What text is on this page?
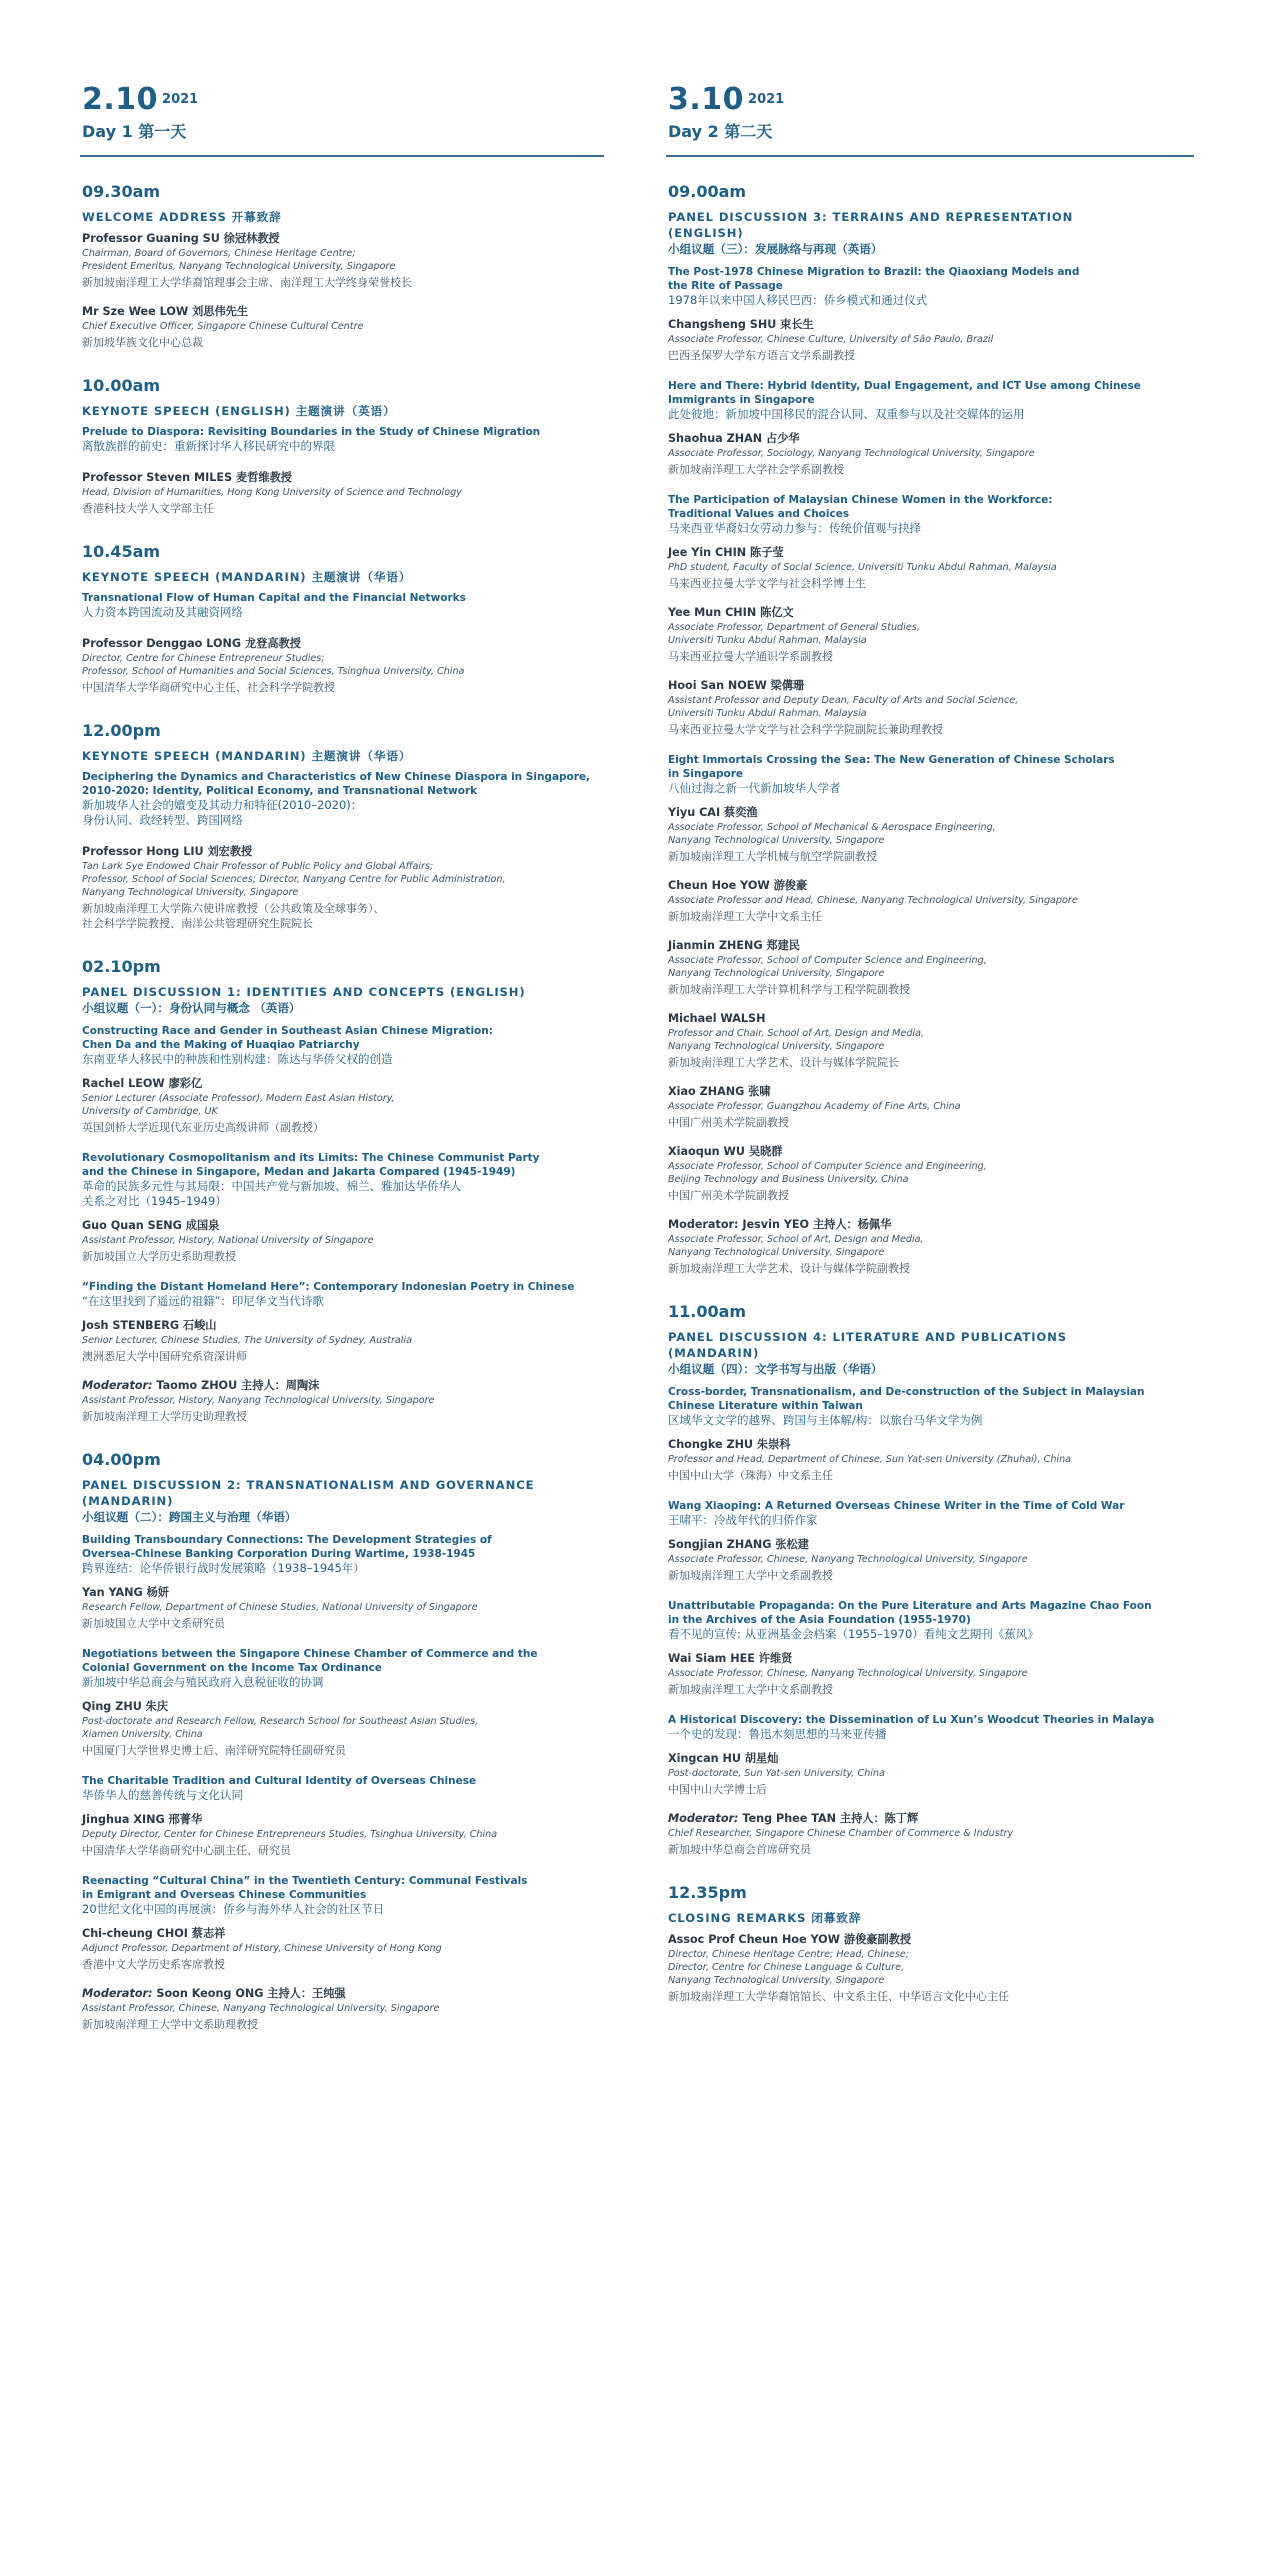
2.10 $^{2021}$
Day 1 第一天
09.30am
WELCOME ADDRESS 开幕致辞
Professor Guaning SU 徐冠林教授
Chairman, Board of Governors, Chinese Heritage Centre;
President Emeritus, Nanyang Technological University, Singapore
新加坡南洋理工大学华裔馆理事会主席、南洋理工大学终身荣誉校长
Mr Sze Wee LOW 刘思伟先生
Chief Executive Officer, Singapore Chinese Cultural Centre
新加坡华族文化中心总裁
10.00am
KEYNOTE SPEECH (ENGLISH) 主题演讲（英语）
Prelude to Diaspora: Revisiting Boundaries in the Study of Chinese Migration
离散族群的前史：重新探讨华人移民研究中的界限
Professor Steven MILES 麦哲维教授
Head, Division of Humanities, Hong Kong University of Science and Technology
香港科技大学人文学部主任
10.45am
KEYNOTE SPEECH (MANDARIN) 主题演讲（华语）
Transnational Flow of Human Capital and the Financial Networks
人力资本跨国流动及其融资网络
Professor Denggao LONG 龙登高教授
Director, Centre for Chinese Entrepreneur Studies;
Professor, School of Humanities and Social Sciences, Tsinghua University, China
中国清华大学华商研究中心主任、社会科学学院教授
12.00pm
KEYNOTE SPEECH (MANDARIN) 主题演讲（华语）
Deciphering the Dynamics and Characteristics of New Chinese Diaspora in Singapore,
2010-2020: Identity, Political Economy, and Transnational Network
新加坡华人社会的嬗变及其动力和特征(2010–2020)：
身份认同、政经转型、跨国网络
Professor Hong LIU 刘宏教授
Tan Lark Sye Endowed Chair Professor of Public Policy and Global Affairs;
Professor, School of Social Sciences; Director, Nanyang Centre for Public Administration,
Nanyang Technological University, Singapore
新加坡南洋理工大学陈六使讲席教授（公共政策及全球事务）、
社会科学学院教授、南洋公共管理研究生院院长
02.10pm
PANEL DISCUSSION 1: IDENTITIES AND CONCEPTS (ENGLISH)
小组议题（一）：身份认同与概念 （英语）
Constructing Race and Gender in Southeast Asian Chinese Migration:
Chen Da and the Making of Huaqiao Patriarchy
东南亚华人移民中的种族和性别构建：陈达与华侨父权的创造
Rachel LEOW 廖彩亿
Senior Lecturer (Associate Professor), Modern East Asian History,
University of Cambridge, UK
英国剑桥大学近现代东亚历史高级讲师（副教授）
Revolutionary Cosmopolitanism and its Limits: The Chinese Communist Party
and the Chinese in Singapore, Medan and Jakarta Compared (1945-1949)
革命的民族多元性与其局限：中国共产党与新加坡、棉兰、雅加达华侨华人
关系之对比（1945–1949）
Guo Quan SENG 成国泉
Assistant Professor, History, National University of Singapore
新加坡国立大学历史系助理教授
“Finding the Distant Homeland Here”: Contemporary Indonesian Poetry in Chinese
“在这里找到了遥远的祖籍”：印尼华文当代诗歌
Josh STENBERG 石峻山
Senior Lecturer, Chinese Studies, The University of Sydney, Australia
澳洲悉尼大学中国研究系资深讲师
Moderator: Taomo ZHOU 主持人：周陶沫
Assistant Professor, History, Nanyang Technological University, Singapore
新加坡南洋理工大学历史助理教授
04.00pm
PANEL DISCUSSION 2: TRANSNATIONALISM AND GOVERNANCE
(MANDARIN)
小组议题（二）：跨国主义与治理（华语）
Building Transboundary Connections: The Development Strategies of
Oversea-Chinese Banking Corporation During Wartime, 1938-1945
跨界连结：论华侨银行战时发展策略（1938–1945年）
Yan YANG 杨妍
Research Fellow, Department of Chinese Studies, National University of Singapore
新加坡国立大学中文系研究员
Negotiations between the Singapore Chinese Chamber of Commerce and the
Colonial Government on the Income Tax Ordinance
新加坡中华总商会与殖民政府入息税征收的协调
Qing ZHU 朱庆
Post-doctorate and Research Fellow, Research School for Southeast Asian Studies,
Xiamen University, China
中国厦门大学世界史博士后、南洋研究院特任副研究员
The Charitable Tradition and Cultural Identity of Overseas Chinese
华侨华人的慈善传统与文化认同
Jinghua XING 邢菁华
Deputy Director, Center for Chinese Entrepreneurs Studies, Tsinghua University, China
中国清华大学华商研究中心副主任、研究员
Reenacting “Cultural China” in the Twentieth Century: Communal Festivals
in Emigrant and Overseas Chinese Communities
20世纪文化中国的再展演：侨乡与海外华人社会的社区节日
Chi-cheung CHOI 蔡志祥
Adjunct Professor, Department of History, Chinese University of Hong Kong
香港中文大学历史系客席教授
Moderator: Soon Keong ONG 主持人：王纯强
Assistant Professor, Chinese, Nanyang Technological University, Singapore
新加坡南洋理工大学中文系助理教授
3.10 $^{2021}$
Day 2 第二天
09.00am
PANEL DISCUSSION 3: TERRAINS AND REPRESENTATION
(ENGLISH)
小组议题（三）：发展脉络与再现（英语）
The Post-1978 Chinese Migration to Brazil: the Qiaoxiang Models and
the Rite of Passage
1978年以来中国人移民巴西：侨乡模式和通过仪式
Changsheng SHU 束长生
Associate Professor, Chinese Culture, University of São Paulo, Brazil
巴西圣保罗大学东方语言文学系副教授
Here and There: Hybrid Identity, Dual Engagement, and ICT Use among Chinese
Immigrants in Singapore
此处彼地：新加坡中国移民的混合认同、双重参与以及社交媒体的运用
Shaohua ZHAN 占少华
Associate Professor, Sociology, Nanyang Technological University, Singapore
新加坡南洋理工大学社会学系副教授
The Participation of Malaysian Chinese Women in the Workforce:
Traditional Values and Choices
马来西亚华裔妇女劳动力参与：传统价值观与抉择
Jee Yin CHIN 陈子莹
PhD student, Faculty of Social Science, Universiti Tunku Abdul Rahman, Malaysia
马来西亚拉曼大学文学与社会科学博士生
Yee Mun CHIN 陈亿文
Associate Professor, Department of General Studies,
Universiti Tunku Abdul Rahman, Malaysia
马来西亚拉曼大学通识学系副教授
Hooi San NOEW 梁傋珊
Assistant Professor and Deputy Dean, Faculty of Arts and Social Science,
Universiti Tunku Abdul Rahman, Malaysia
马来西亚拉曼大学文学与社会科学学院副院长兼助理教授
Eight Immortals Crossing the Sea: The New Generation of Chinese Scholars
in Singapore
八仙过海之新一代新加坡华人学者
Yiyu CAI 蔡奕渔
Associate Professor, School of Mechanical & Aerospace Engineering,
Nanyang Technological University, Singapore
新加坡南洋理工大学机械与航空学院副教授
Cheun Hoe YOW 游俊豪
Associate Professor and Head, Chinese, Nanyang Technological University, Singapore
新加坡南洋理工大学中文系主任
Jianmin ZHENG 郑建民
Associate Professor, School of Computer Science and Engineering,
Nanyang Technological University, Singapore
新加坡南洋理工大学计算机科学与工程学院副教授
Michael WALSH
Professor and Chair, School of Art, Design and Media,
Nanyang Technological University, Singapore
新加坡南洋理工大学艺术、设计与媒体学院院长
Xiao ZHANG 张啸
Associate Professor, Guangzhou Academy of Fine Arts, China
中国广州美术学院副教授
Xiaoqun WU 吴晓群
Associate Professor, School of Computer Science and Engineering,
Beijing Technology and Business University, China
中国广州美术学院副教授
Moderator: Jesvin YEO 主持人：杨佩华
Associate Professor, School of Art, Design and Media,
Nanyang Technological University, Singapore
新加坡南洋理工大学艺术、设计与媒体学院副教授
11.00am
PANEL DISCUSSION 4: LITERATURE AND PUBLICATIONS
(MANDARIN)
小组议题（四）：文学书写与出版（华语）
Cross-border, Transnationalism, and De-construction of the Subject in Malaysian
Chinese Literature within Taiwan
区域华文文学的越界、跨国与主体解/构：以旅台马华文学为例
Chongke ZHU 朱崇科
Professor and Head, Department of Chinese, Sun Yat-sen University (Zhuhai), China
中国中山大学（珠海）中文系主任
Wang Xiaoping: A Returned Overseas Chinese Writer in the Time of Cold War
王啸平：冷战年代的归侨作家
Songjian ZHANG 张松建
Associate Professor, Chinese, Nanyang Technological University, Singapore
新加坡南洋理工大学中文系副教授
Unattributable Propaganda: On the Pure Literature and Arts Magazine Chao Foon
in the Archives of the Asia Foundation (1955-1970)
看不见的宣传: 从亚洲基金会档案（1955–1970）看纯文艺期刊《蕉风》
Wai Siam HEE 许维贤
Associate Professor, Chinese, Nanyang Technological University, Singapore
新加坡南洋理工大学中文系副教授
A Historical Discovery: the Dissemination of Lu Xun’s Woodcut Theories in Malaya
一个史的发现：鲁迅木刻思想的马来亚传播
Xingcan HU 胡星灿
Post-doctorate, Sun Yat-sen University, China
中国中山大学博士后
Moderator: Teng Phee TAN 主持人：陈丁辉
Chief Researcher, Singapore Chinese Chamber of Commerce & Industry
新加坡中华总商会首席研究员
12.35pm
CLOSING REMARKS 闭幕致辞
Assoc Prof Cheun Hoe YOW 游俊豪副教授
Director, Chinese Heritage Centre; Head, Chinese;
Director, Centre for Chinese Language & Culture,
Nanyang Technological University, Singapore
新加坡南洋理工大学华裔馆馆长、中文系主任、中华语言文化中心主任
